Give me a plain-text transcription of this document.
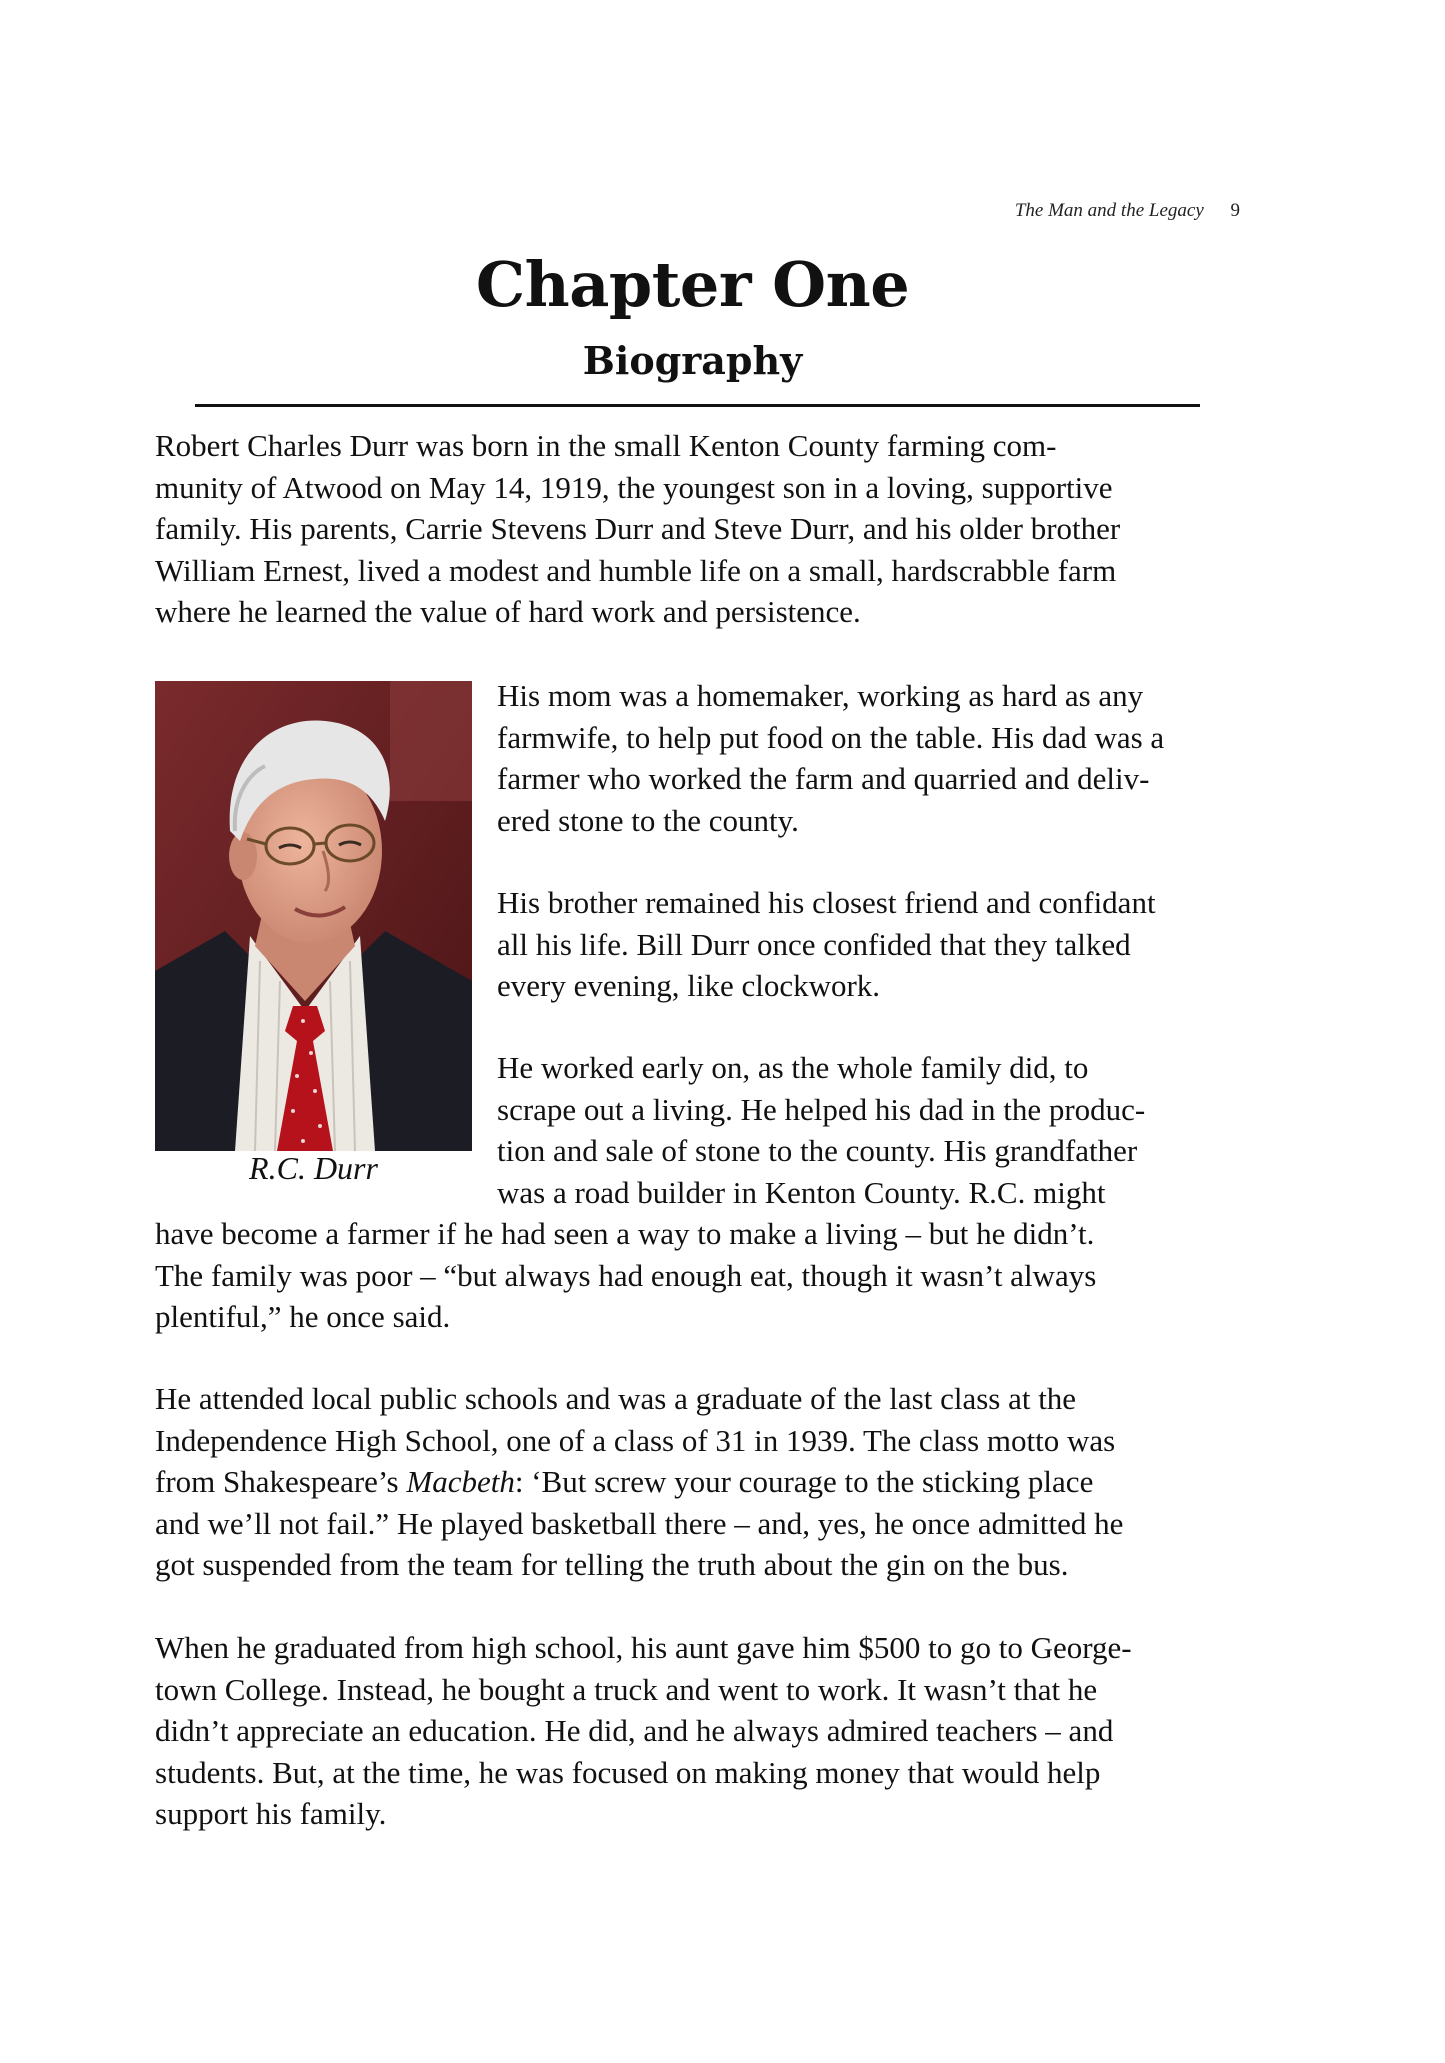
The Man and the Legacy 9
Chapter One
Biography
Robert Charles Durr was born in the small Kenton County farming com-
munity of Atwood on May 14, 1919, the youngest son in a loving, supportive
family. His parents, Carrie Stevens Durr and Steve Durr, and his older brother
William Ernest, lived a modest and humble life on a small, hardscrabble farm
where he learned the value of hard work and persistence.
R.C. Durr
His mom was a homemaker, working as hard as any
farmwife, to help put food on the table. His dad was a
farmer who worked the farm and quarried and deliv-
ered stone to the county.
His brother remained his closest friend and confidant
all his life. Bill Durr once confided that they talked
every evening, like clockwork.
He worked early on, as the whole family did, to
scrape out a living. He helped his dad in the produc-
tion and sale of stone to the county. His grandfather
was a road builder in Kenton County. R.C. might
have become a farmer if he had seen a way to make a living – but he didn’t.
The family was poor – “but always had enough eat, though it wasn’t always
plentiful,” he once said.
He attended local public schools and was a graduate of the last class at the
Independence High School, one of a class of 31 in 1939. The class motto was
from Shakespeare’s Macbeth: ‘But screw your courage to the sticking place
and we’ll not fail.” He played basketball there – and, yes, he once admitted he
got suspended from the team for telling the truth about the gin on the bus.
When he graduated from high school, his aunt gave him $500 to go to George-
town College. Instead, he bought a truck and went to work. It wasn’t that he
didn’t appreciate an education. He did, and he always admired teachers – and
students. But, at the time, he was focused on making money that would help
support his family.
